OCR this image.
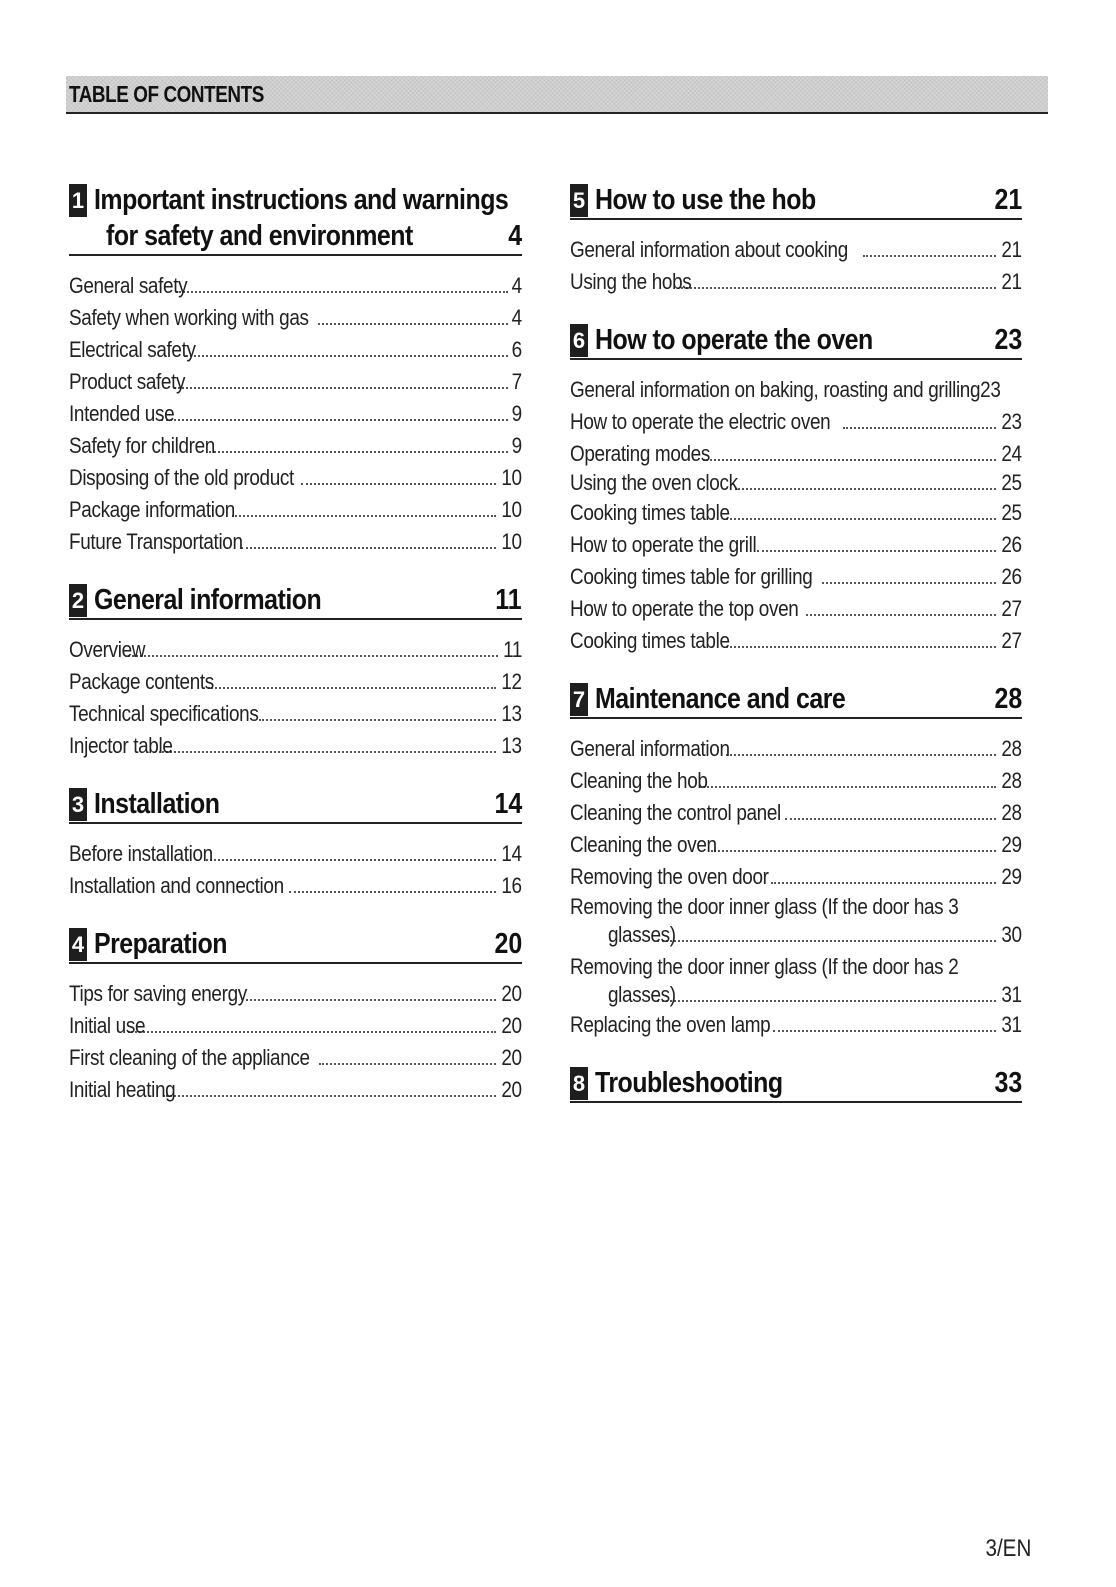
TABLE OF CONTENTS
1 Important instructions and warnings
for safety and environment	4
General safety	4
Safety when working with gas	4
Electrical safety	6
Product safety	7
Intended use	9
Safety for children	9
Disposing of the old product	10
Package information	10
Future Transportation	10
2 General information	11
Overview	11
Package contents	12
Technical specifications	13
Injector table	13
3 Installation	14
Before installation	14
Installation and connection	16
4 Preparation	20
Tips for saving energy	20
Initial use	20
First cleaning of the appliance	20
Initial heating	20
5 How to use the hob	21
General information about cooking	21
Using the hobs	21
6 How to operate the oven	23
General information on baking, roasting and grilling23
How to operate the electric oven	23
Operating modes	24
Using the oven clock	25
Cooking times table	25
How to operate the grill	26
Cooking times table for grilling	26
How to operate the top oven	27
Cooking times table	27
7 Maintenance and care	28
General information	28
Cleaning the hob	28
Cleaning the control panel	28
Cleaning the oven	29
Removing the oven door	29
Removing the door inner glass (If the door has 3
glasses)	30
Removing the door inner glass (If the door has 2
glasses)	31
Replacing the oven lamp	31
8 Troubleshooting	33
3/EN
